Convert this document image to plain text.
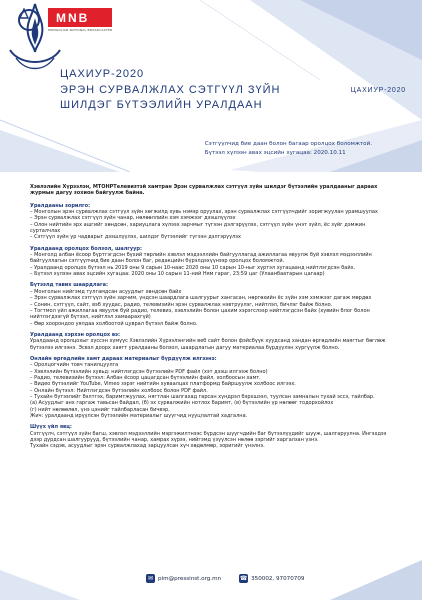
MNB
MONGOLIAN NATIONAL BROADCASTER
ЦАХИУР-2020
ЭРЭН СУРВАЛЖЛАХ СЭТГҮҮЛ ЗҮЙН
ШИЛДЭГ БҮТЭЭЛИЙН УРАЛДААН
ЦАХИУР-2020
Сэтгүүлчид бие даан болон багаар оролцох боломжтой.
Бүтээл хүлээн авах эцсийн хугацаа: 2020.10.11

Хэвлэлийн Хүрээлэн, МТОНРТелевизтэй хамтран Эрэн сурвалжлах сэтгүүл зүйн шилдэг бүтээлийн уралдааныг дараах журмын дагуу зохион байгуулж байна.

Уралдааны зорилго:
– Монголын эрэн сурвалжлах сэтгүүл зүйн хөгжилд хувь нэмэр оруулах, эрэн сурвалжлах сэтгүүлчдийг зоригжуулан урамшуулах
– Эрэн сурвалжлах сэтгүүл зүйн чанар, нөлөөллийн хэм хэмжээг дээшлүүлэх
– Олон нийтийн эрх ашгийг хөндсөн, хариуцлага хүлээх зарчмыг түгээн дэлгэрүүлэх, сэтгүүл зүйн үнэт зүйл, ёс зүйг дэмжин сурталчлах
– Сэтгүүл зүйн ур чадварыг дээшлүүлэх, шилдэг бүтээлийг түгээн дэлгэрүүлэх
Уралдаанд оролцох болзол, шалгуур:
– Монголд албан ёсоор бүртгэгдсэн бүхий төрлийн хэвлэл мэдээллийн байгууллагад ажиллагаа явуулж буй хэвлэл мэдээллийн байгууллагын сэтгүүлчид бие даан болон баг, редакцийн бүрэлдэхүүнээр оролцох боломжтой.
– Уралдаанд оролцох бүтээл нь 2019 оны 9 сарын 10-наас 2020 оны 10 сарын 10-ныг хүртэл хугацаанд нийтлэгдсэн байх.
– Бүтээл хүлээн авах эцсийн хугацаа: 2020 оны 10 сарын 11-ний Ням гараг, 23:59 цаг (Улаанбаатарын цагаар)
Бүтээлд тавих шаардлага:
– Монголын нийгэмд тулгамдсан асуудлыг хөндсөн байх
– Эрэн сурвалжлах сэтгүүл зүйн зарчим, үндсэн шаардлага шалгуурыг хангасан, нөргөхийн ёс зүйн хэм хэмжээг дагаж мөрдөх
– Сонин, сэтгүүл, сайт, вэб хуудас, радио, телевизийн эрэн сурвалжлах нэвтрүүлэг, нийтлэл, бичлэг байж болно.
– Тогтмол үйл ажиллагаа явуулж буй радио, телевиз, хэвлэлийн болон цахим хэрэгслээр нийтлэгдсэн байх (хувийн блог болон нийтлэгдээгүй бүтээл, нийтлэл хамаарахгүй)
– Өөр хоорондоо уялдаа холбоотой цуврал бүтээл байж болно.
Уралдаанд хэрхэн оролцох вэ:
Уралдаанд оролцохыг хүссэн хүмүүс Хэвлэлийн Хүрээлэнгийн веб сайт болон фэйсбүүк хуудсанд хандан өргөдлийн маягтыг бөглөж бүтээлээ илгээнэ. Эсвэл доорх хаягт уралдааны болзол, шаардлагын дагуу материалаа бүрдүүлэн хүргүүлж болно.
Онлайн өргөдлийн хамт дараах материалыг бүрдүүлж илгээнэ:
– Оролцогчийн товч танилцуулга
– Хэвлэлийн бүтээлийн хувьд: нийтлэгдсэн бүтээлийн PDF файл (хэт дээш илгээж болно)
– Радио, телевизийн бүтээл: Албан ёсоор цацагдсан бүтээлийн файл, холбоосын хамт.
– Видео бүтээлийг YouTube, Vimeo зэрэг нийтийн хуваалцах платформд байршуулж холбоос илгээх.
– Онлайн бүтээл: Нийтлэгдсэн бүтээлийн холбоос болон PDF файл.
– Тухайн бүтээлийг бэлтгэх, баримтжуулах, нягтлан шалгахад гарсан хүндрэл бэрхшээл, туулсан замналын тухай эссэ, тайлбар.
(а) Асуудлыг анх гаргаж тавьсан байдал, (б) эх сурвалжийн нотлох баримт, (в) бүтээлийн үр нөлөөг тодорхойлох
(г) нийт нөлөөлөл, үнэ цэнийг тайлбарласан бичвэр.
Жич: уралдаанд ирүүлсэн бүтээлийн материалыг шүүгчид нууцлалтай хадгална.
Шүүх үйл явц:
Сэтгүүлч, сэтгүүл зүйн багш, хэвлэл мэдээллийн мэргэжилтнээс бүрдсэн шүүгчдийн баг бүтээлүүдийг шүүж, шалгаруулна. Ингэхдээ дээр дурдсан шалгуурууд, бүтээлийн чанар, хамрах хүрээ, нийгэмд үзүүлсэн нөлөө зэргийг харгалзан үзнэ.
Тухайн сэдэв, асуудлыг эрэн сурвалжлахад зарцуулсан хүч хөдөлмөр, зоригийг үнэлнэ.
✉ pim@pressinst.org.mn	☎ 350002, 97070709
